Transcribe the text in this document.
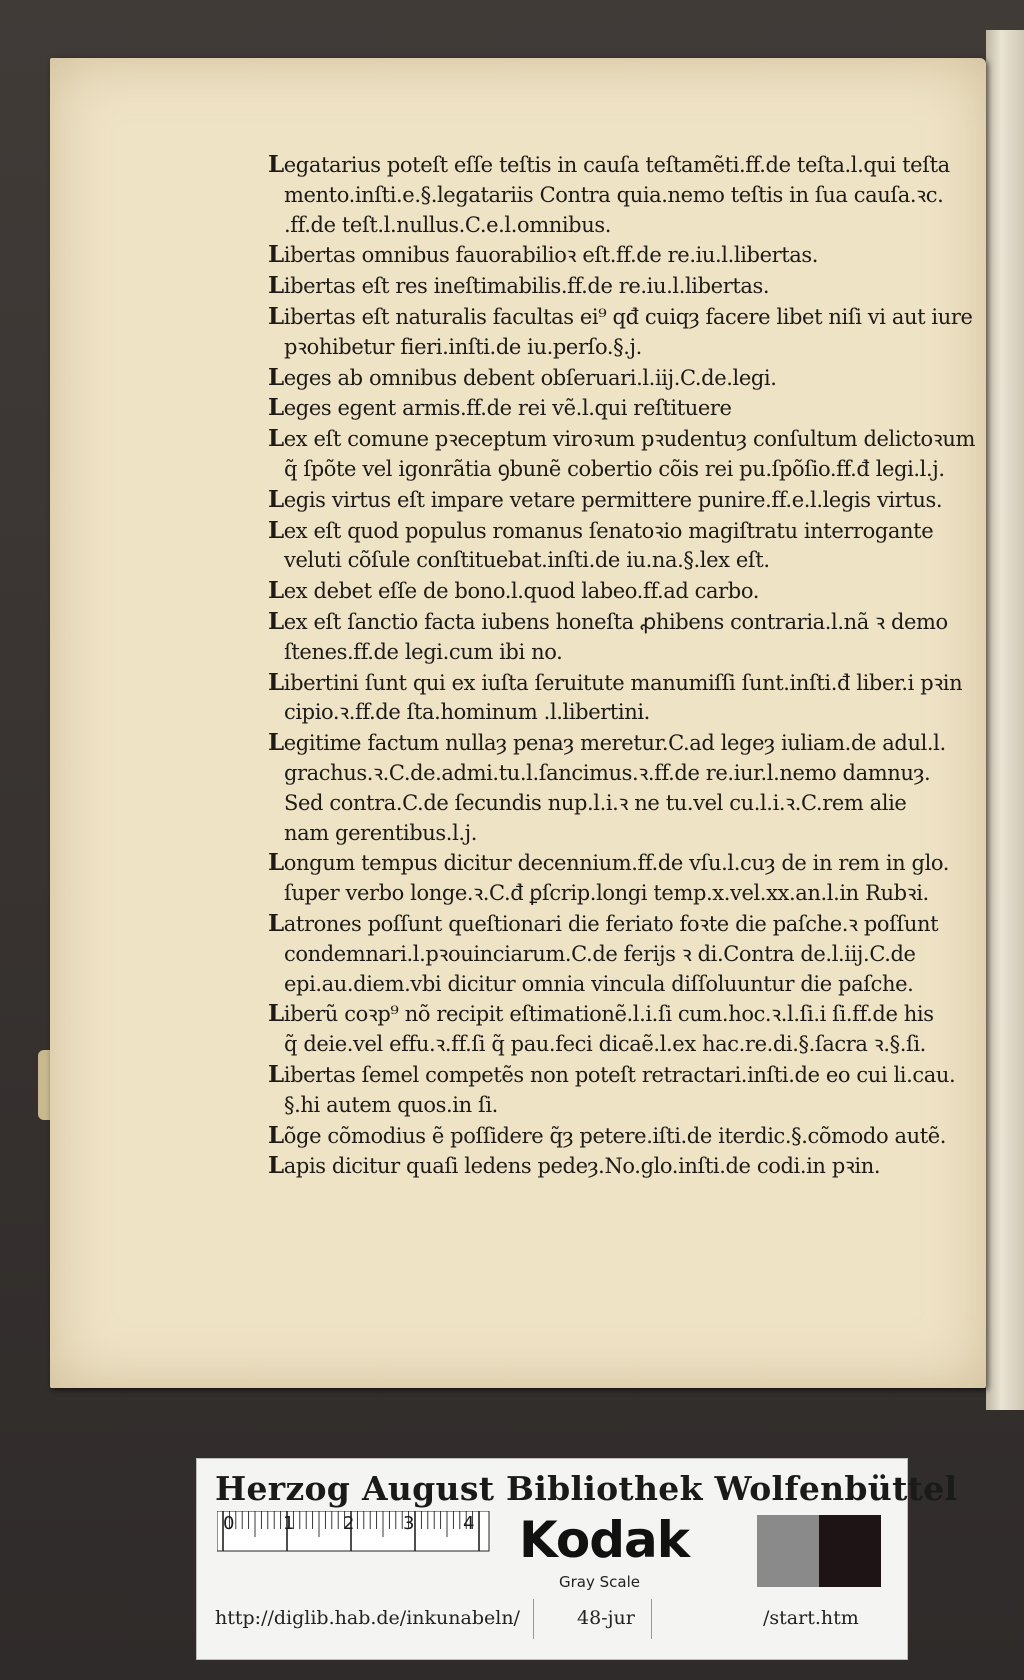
Legatarius poteſt eſſe teſtis in cauſa teſtamẽti.ff.de teſta.l.qui teſta
mento.inſti.e.§.legatariis Contra quia.nemo teſtis in ſua cauſa.ꝛc.
.ff.de teſt.l.nullus.C.e.l.omnibus.
Libertas omnibus fauorabilioꝛ eſt.ff.de re.iu.l.libertas.
Libertas eſt res ineſtimabilis.ff.de re.iu.l.libertas.
Libertas eſt naturalis facultas ei⁹ qđ cuiqȝ facere libet niſi vi aut iure
pꝛohibetur fieri.inſti.de iu.perſo.§.j.
Leges ab omnibus debent obſeruari.l.iij.C.de.legi.
Leges egent armis.ff.de rei vẽ.l.qui reſtituere
Lex eſt comune pꝛeceptum viroꝛum pꝛudentuȝ conſultum delictoꝛum
q̃ ſpõte vel igonrãtia ꝯbunẽ cobertio cõis rei pu.ſpõſio.ff.đ legi.l.j.
Legis virtus eſt impare vetare permittere punire.ff.e.l.legis virtus.
Lex eſt quod populus romanus ſenatoꝛio magiſtratu interrogante
veluti cõſule conſtituebat.inſti.de iu.na.§.lex eſt.
Lex debet eſſe de bono.l.quod labeo.ff.ad carbo.
Lex eſt ſanctio facta iubens honeſta ꝓhibens contraria.l.nã ꝛ demo
ſtenes.ff.de legi.cum ibi no.
Libertini ſunt qui ex iuſta ſeruitute manumiſſi ſunt.inſti.đ liber.i pꝛin
cipio.ꝛ.ff.de ſta.hominum .l.libertini.
Legitime factum nullaȝ penaȝ meretur.C.ad legeȝ iuliam.de adul.l.
grachus.ꝛ.C.de.admi.tu.l.ſancimus.ꝛ.ff.de re.iur.l.nemo damnuȝ.
Sed contra.C.de ſecundis nup.l.i.ꝛ ne tu.vel cu.l.i.ꝛ.C.rem alie
nam gerentibus.l.j.
Longum tempus dicitur decennium.ff.de vſu.l.cuȝ de in rem in glo.
ſuper verbo longe.ꝛ.C.đ ꝑſcrip.longi temp.x.vel.xx.an.l.in Rubꝛi.
Latrones poſſunt queſtionari die feriato foꝛte die paſche.ꝛ poſſunt
condemnari.l.pꝛouinciarum.C.de ferijs ꝛ di.Contra de.l.iij.C.de
epi.au.diem.vbi dicitur omnia vincula diſſoluuntur die paſche.
Liberũ coꝛp⁹ nõ recipit eſtimationẽ.l.i.ſi cum.hoc.ꝛ.l.ſi.i ſi.ff.de his
q̃ deie.vel effu.ꝛ.ff.ſi q̃ pau.feci dicaẽ.l.ex hac.re.di.§.ſacra ꝛ.§.ſi.
Libertas ſemel competẽs non poteſt retractari.inſti.de eo cui li.cau.
§.hi autem quos.in ſi.
Lõge cõmodius ẽ poſſidere q̃ȝ petere.iſti.de iterdic.§.cõmodo autẽ.
Lapis dicitur quaſi ledens pedeȝ.No.glo.inſti.de codi.in pꝛin.
Herzog August Bibliothek Wolfenbüttel
0	1	2	3	4 Kodak
Gray Scale
http://diglib.hab.de/inkunabeln/	48-jur	/start.htm
